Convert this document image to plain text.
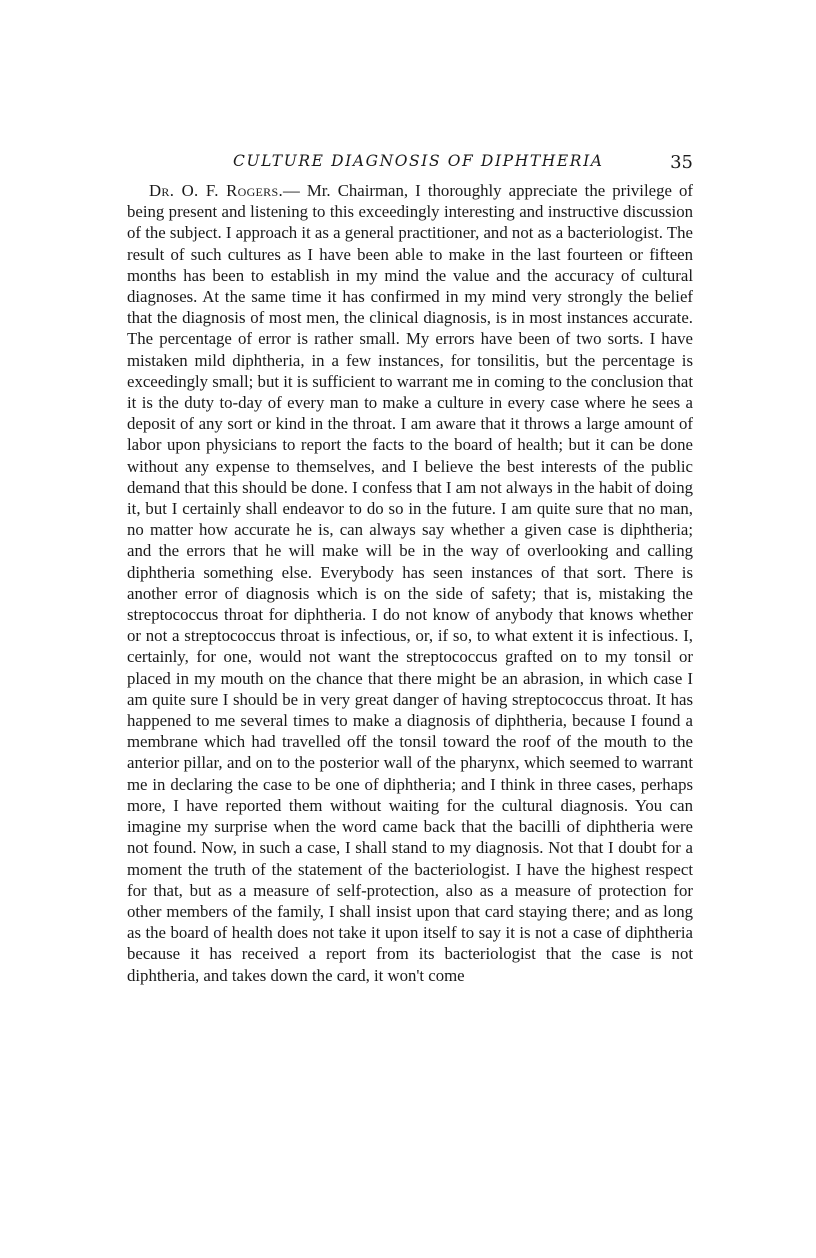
CULTURE DIAGNOSIS OF DIPHTHERIA	35

Dr. O. F. Rogers.— Mr. Chairman, I thoroughly appreciate the privilege of being present and listening to this exceedingly interesting and instructive discussion of the subject. I approach it as a general practitioner, and not as a bacteriologist. The result of such cultures as I have been able to make in the last fourteen or fifteen months has been to establish in my mind the value and the accuracy of cultural diagnoses. At the same time it has confirmed in my mind very strongly the belief that the diagnosis of most men, the clinical diagnosis, is in most instances accurate. The percentage of error is rather small. My errors have been of two sorts. I have mistaken mild diphtheria, in a few instances, for tonsilitis, but the percentage is exceedingly small; but it is sufficient to warrant me in coming to the conclusion that it is the duty to-day of every man to make a culture in every case where he sees a deposit of any sort or kind in the throat. I am aware that it throws a large amount of labor upon physicians to report the facts to the board of health; but it can be done without any expense to themselves, and I believe the best interests of the public demand that this should be done. I confess that I am not always in the habit of doing it, but I certainly shall endeavor to do so in the future. I am quite sure that no man, no matter how accurate he is, can always say whether a given case is diphtheria; and the errors that he will make will be in the way of overlooking and calling diphtheria something else. Everybody has seen instances of that sort. There is another error of diagnosis which is on the side of safety; that is, mistaking the streptococcus throat for diphtheria. I do not know of anybody that knows whether or not a streptococcus throat is infectious, or, if so, to what extent it is infectious. I, certainly, for one, would not want the streptococcus grafted on to my tonsil or placed in my mouth on the chance that there might be an abrasion, in which case I am quite sure I should be in very great danger of having streptococcus throat. It has happened to me several times to make a diagnosis of diphtheria, because I found a membrane which had travelled off the tonsil toward the roof of the mouth to the anterior pillar, and on to the posterior wall of the pharynx, which seemed to warrant me in declaring the case to be one of diphtheria; and I think in three cases, perhaps more, I have reported them without waiting for the cultural diagnosis. You can imagine my surprise when the word came back that the bacilli of diphtheria were not found. Now, in such a case, I shall stand to my diagnosis. Not that I doubt for a moment the truth of the statement of the bacteriologist. I have the highest respect for that, but as a measure of self-protection, also as a measure of protection for other members of the family, I shall insist upon that card staying there; and as long as the board of health does not take it upon itself to say it is not a case of diphtheria because it has received a report from its bacteriologist that the case is not diphtheria, and takes down the card, it won't come
